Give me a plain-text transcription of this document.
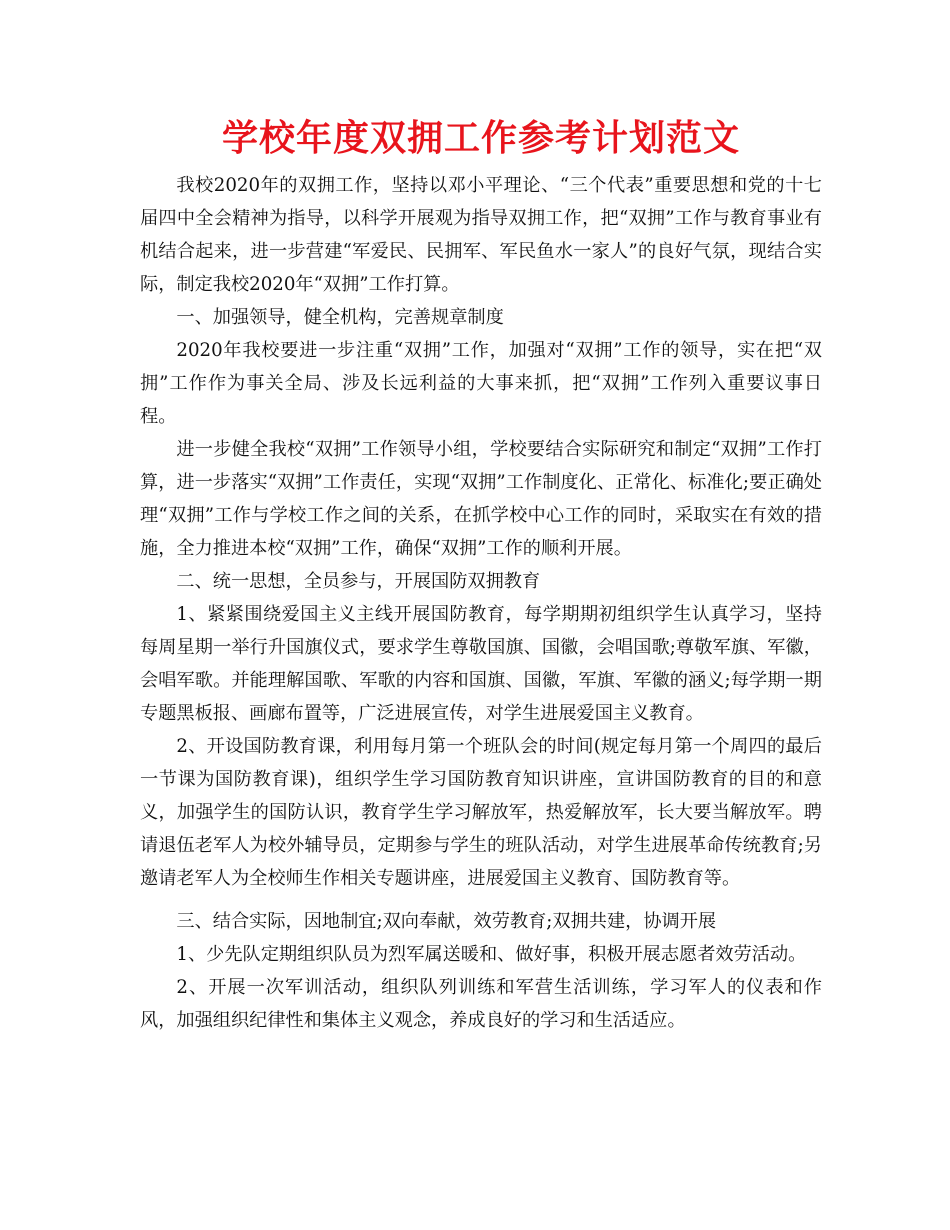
学校年度双拥工作参考计划范文

我校2020年的双拥工作，坚持以邓小平理论、“三个代表”重要思想和党的十七届四中全会精神为指导，以科学开展观为指导双拥工作，把“双拥”工作与教育事业有机结合起来，进一步营建“军爱民、民拥军、军民鱼水一家人”的良好气氛，现结合实际，制定我校2020年“双拥”工作打算。

一、加强领导，健全机构，完善规章制度

2020年我校要进一步注重“双拥”工作，加强对“双拥”工作的领导，实在把“双拥”工作作为事关全局、涉及长远利益的大事来抓，把“双拥”工作列入重要议事日程。

进一步健全我校“双拥”工作领导小组，学校要结合实际研究和制定“双拥”工作打算，进一步落实“双拥”工作责任，实现“双拥”工作制度化、正常化、标准化;要正确处理“双拥”工作与学校工作之间的关系，在抓学校中心工作的同时，采取实在有效的措施，全力推进本校“双拥”工作，确保“双拥”工作的顺利开展。

二、统一思想，全员参与，开展国防双拥教育

1、紧紧围绕爱国主义主线开展国防教育，每学期期初组织学生认真学习，坚持每周星期一举行升国旗仪式，要求学生尊敬国旗、国徽，会唱国歌;尊敬军旗、军徽，会唱军歌。并能理解国歌、军歌的内容和国旗、国徽，军旗、军徽的涵义;每学期一期专题黑板报、画廊布置等，广泛进展宣传，对学生进展爱国主义教育。

2、开设国防教育课，利用每月第一个班队会的时间(规定每月第一个周四的最后一节课为国防教育课)，组织学生学习国防教育知识讲座，宣讲国防教育的目的和意义，加强学生的国防认识，教育学生学习解放军，热爱解放军，长大要当解放军。聘请退伍老军人为校外辅导员，定期参与学生的班队活动，对学生进展革命传统教育;另邀请老军人为全校师生作相关专题讲座，进展爱国主义教育、国防教育等。

三、结合实际，因地制宜;双向奉献，效劳教育;双拥共建，协调开展

1、少先队定期组织队员为烈军属送暖和、做好事，积极开展志愿者效劳活动。

2、开展一次军训活动，组织队列训练和军营生活训练，学习军人的仪表和作风，加强组织纪律性和集体主义观念，养成良好的学习和生活适应。
